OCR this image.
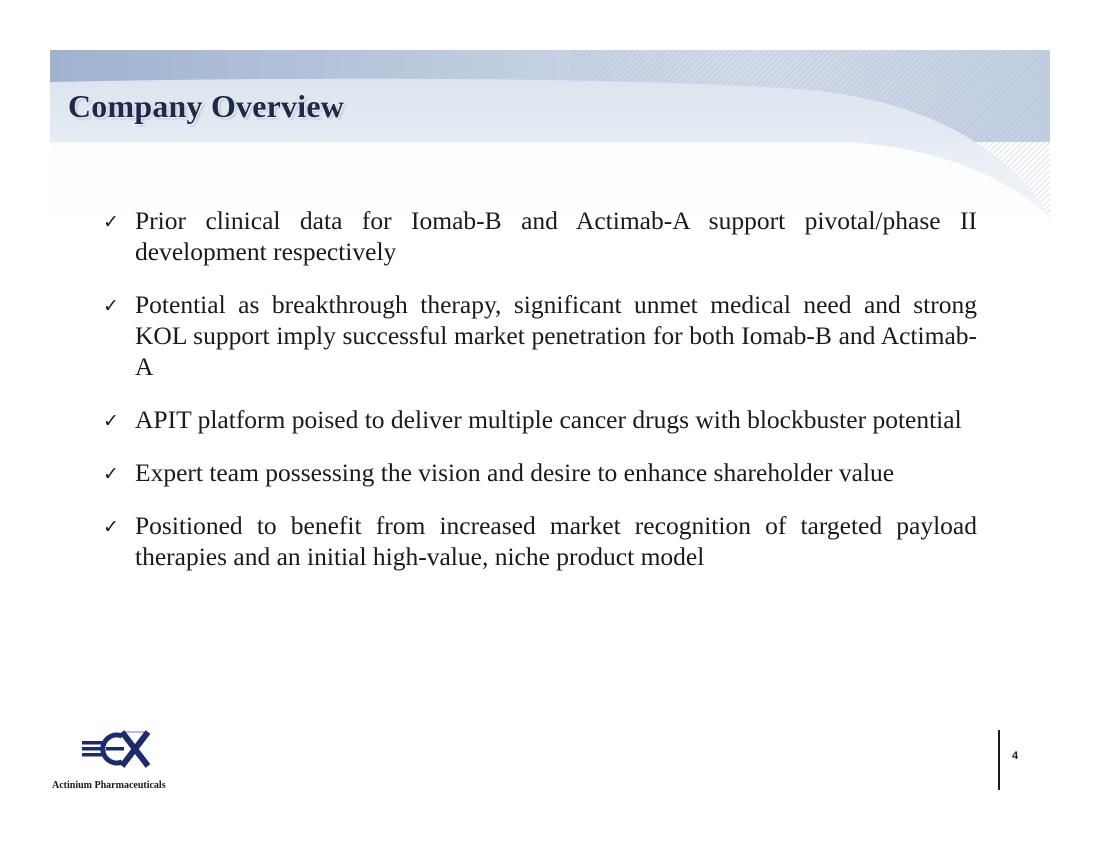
Company Overview
✓ Prior clinical data for Iomab-B and Actimab-A support pivotal/phase II development respectively
✓ Potential as breakthrough therapy, significant unmet medical need and strong KOL support imply successful market penetration for both Iomab-B and Actimab-A
✓ APIT platform poised to deliver multiple cancer drugs with blockbuster potential
✓ Expert team possessing the vision and desire to enhance shareholder value
✓ Positioned to benefit from increased market recognition of targeted payload therapies and an initial high-value, niche product model
Actinium Pharmaceuticals
4
